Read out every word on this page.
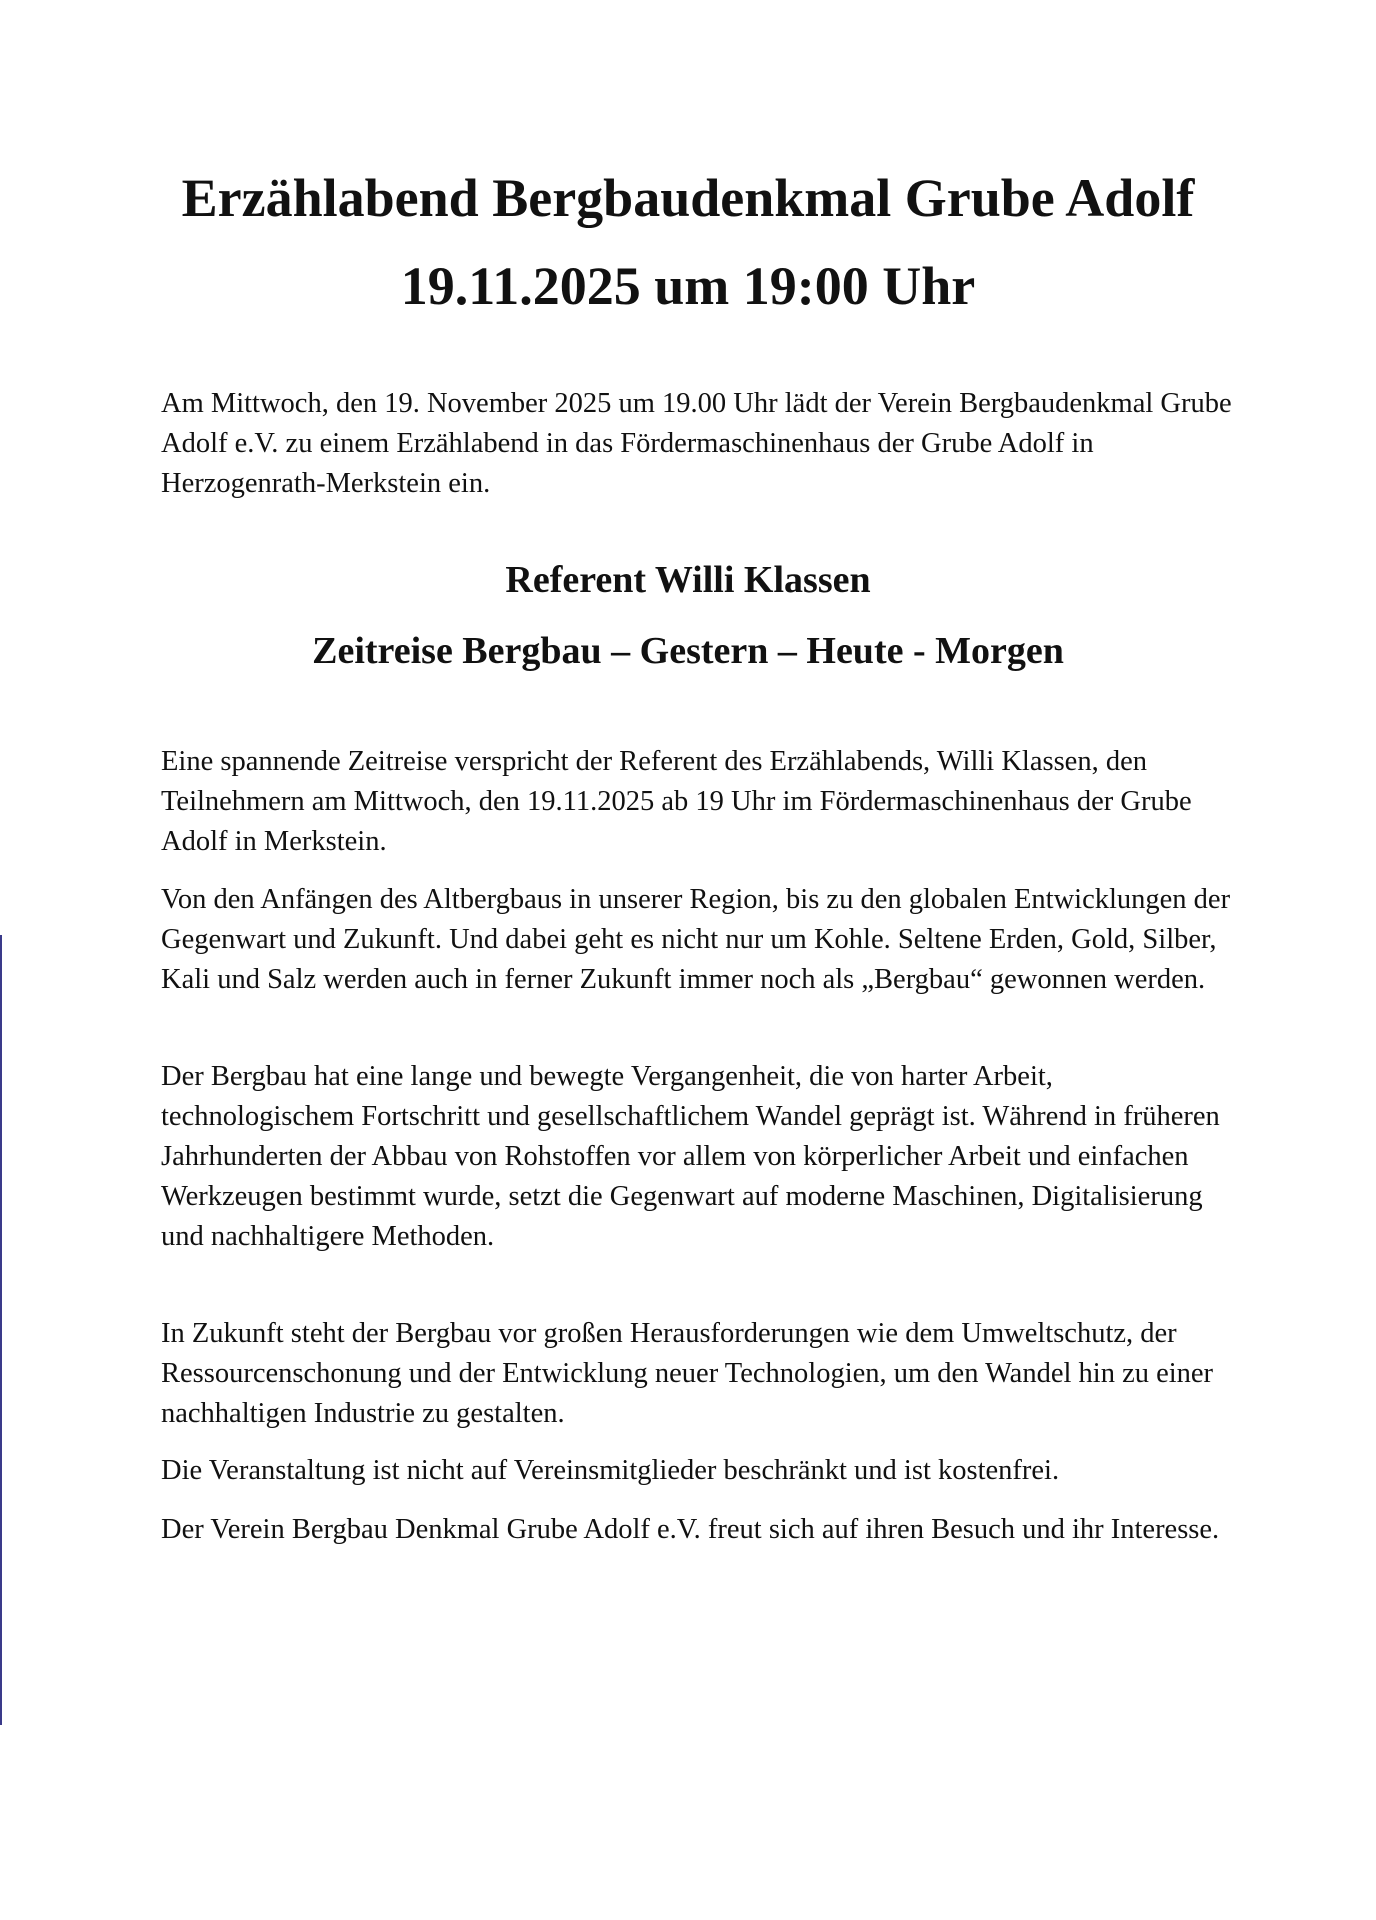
Erzählabend Bergbaudenkmal Grube Adolf
19.11.2025 um 19:00 Uhr

Am Mittwoch, den 19. November 2025 um 19.00 Uhr lädt der Verein Bergbaudenkmal Grube Adolf e.V. zu einem Erzählabend in das Fördermaschinenhaus der Grube Adolf in Herzogenrath-Merkstein ein.

Referent Willi Klassen
Zeitreise Bergbau – Gestern – Heute - Morgen

Eine spannende Zeitreise verspricht der Referent des Erzählabends, Willi Klassen, den Teilnehmern am Mittwoch, den 19.11.2025 ab 19 Uhr im Fördermaschinenhaus der Grube Adolf in Merkstein.

Von den Anfängen des Altbergbaus in unserer Region, bis zu den globalen Entwicklungen der Gegenwart und Zukunft. Und dabei geht es nicht nur um Kohle. Seltene Erden, Gold, Silber, Kali und Salz werden auch in ferner Zukunft immer noch als „Bergbau“ gewonnen werden.

Der Bergbau hat eine lange und bewegte Vergangenheit, die von harter Arbeit, technologischem Fortschritt und gesellschaftlichem Wandel geprägt ist. Während in früheren Jahrhunderten der Abbau von Rohstoffen vor allem von körperlicher Arbeit und einfachen Werkzeugen bestimmt wurde, setzt die Gegenwart auf moderne Maschinen, Digitalisierung und nachhaltigere Methoden.

In Zukunft steht der Bergbau vor großen Herausforderungen wie dem Umweltschutz, der Ressourcenschonung und der Entwicklung neuer Technologien, um den Wandel hin zu einer nachhaltigen Industrie zu gestalten.

Die Veranstaltung ist nicht auf Vereinsmitglieder beschränkt und ist kostenfrei.

Der Verein Bergbau Denkmal Grube Adolf e.V. freut sich auf ihren Besuch und ihr Interesse.
